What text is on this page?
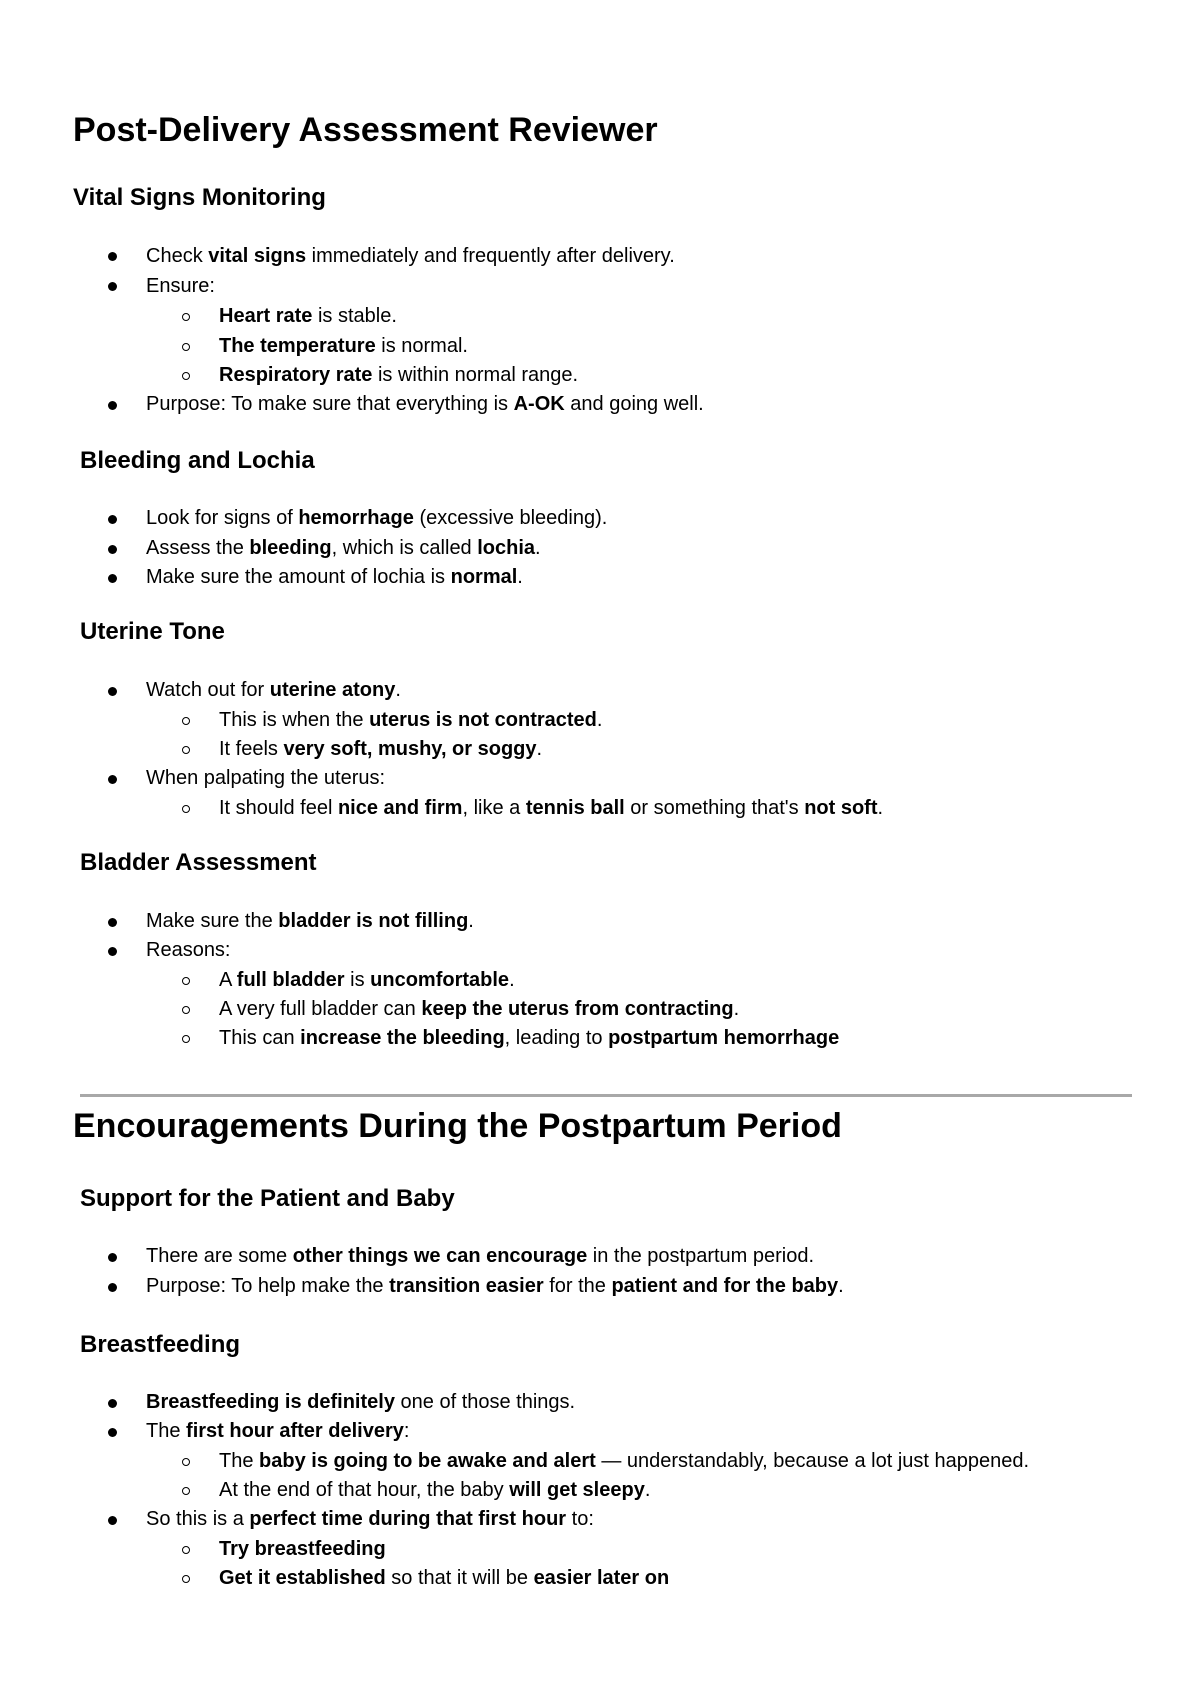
Post-Delivery Assessment Reviewer
Vital Signs Monitoring
Check vital signs immediately and frequently after delivery.
Ensure:
Heart rate is stable.
The temperature is normal.
Respiratory rate is within normal range.
Purpose: To make sure that everything is A-OK and going well.
Bleeding and Lochia
Look for signs of hemorrhage (excessive bleeding).
Assess the bleeding, which is called lochia.
Make sure the amount of lochia is normal.
Uterine Tone
Watch out for uterine atony.
This is when the uterus is not contracted.
It feels very soft, mushy, or soggy.
When palpating the uterus:
It should feel nice and firm, like a tennis ball or something that's not soft.
Bladder Assessment
Make sure the bladder is not filling.
Reasons:
A full bladder is uncomfortable.
A very full bladder can keep the uterus from contracting.
This can increase the bleeding, leading to postpartum hemorrhage
Encouragements During the Postpartum Period
Support for the Patient and Baby
There are some other things we can encourage in the postpartum period.
Purpose: To help make the transition easier for the patient and for the baby.
Breastfeeding
Breastfeeding is definitely one of those things.
The first hour after delivery:
The baby is going to be awake and alert — understandably, because a lot just happened.
At the end of that hour, the baby will get sleepy.
So this is a perfect time during that first hour to:
Try breastfeeding
Get it established so that it will be easier later on
